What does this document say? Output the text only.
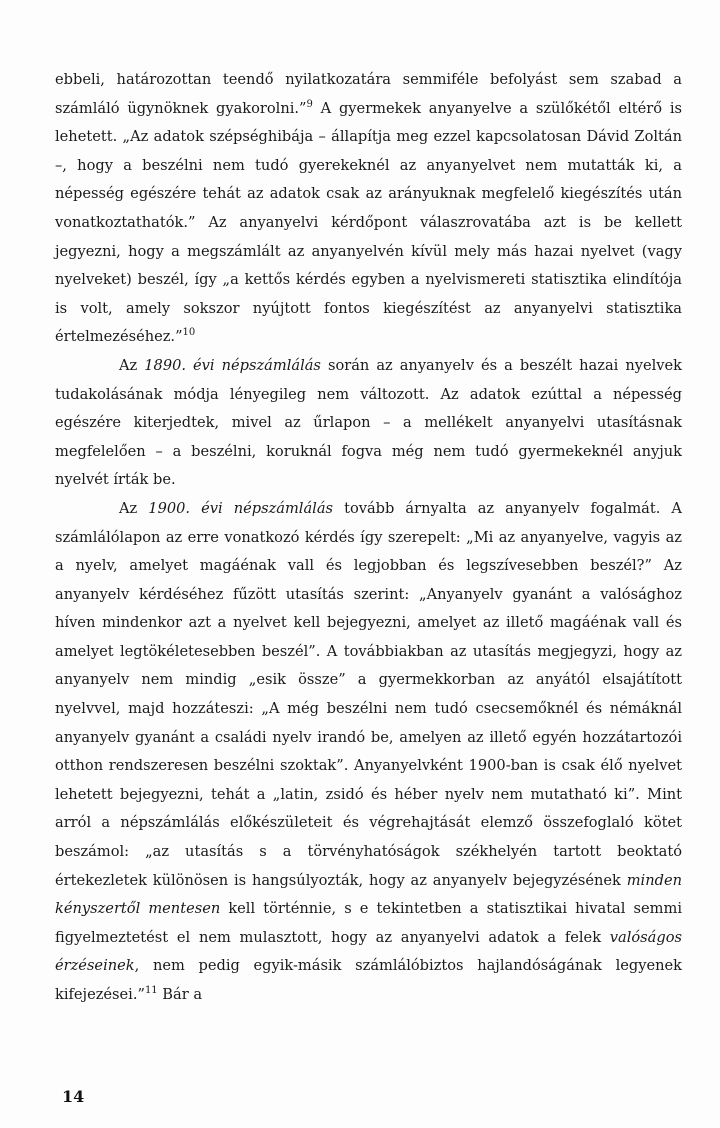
ebbeli, határozottan teendő nyilatkozatára semmiféle befolyást sem szabad a számláló ügynöknek gyakorolni.”$^9$ A gyermekek anyanyelve a szülőkétől eltérő is lehetett. „Az adatok szépséghibája – állapítja meg ezzel kapcsolatosan Dávid Zoltán –, hogy a beszélni nem tudó gyerekeknél az anyanyelvet nem mutatták ki, a népesség egészére tehát az adatok csak az arányuknak megfelelő kiegészítés után vonatkoztathatók.” Az anyanyelvi kérdőpont válaszrovatába azt is be kellett jegyezni, hogy a megszámlált az anyanyelvén kívül mely más hazai nyelvet (vagy nyelveket) beszél, így „a kettős kérdés egyben a nyelvismereti statisztika elindítója is volt, amely sokszor nyújtott fontos kiegészítést az anyanyelvi statisztika értelmezéséhez.”$^{10}$

Az 1890. évi népszámlálás során az anyanyelv és a beszélt hazai nyelvek tudakolásának módja lényegileg nem változott. Az adatok ezúttal a népesség egészére kiterjedtek, mivel az űrlapon – a mellékelt anyanyelvi utasításnak megfelelően – a beszélni, koruknál fogva még nem tudó gyermekeknél anyjuk nyelvét írták be.

Az 1900. évi népszámlálás tovább árnyalta az anyanyelv fogalmát. A számlálólapon az erre vonatkozó kérdés így szerepelt: „Mi az anyanyelve, vagyis az a nyelv, amelyet magáénak vall és legjobban és legszívesebben beszél?” Az anyanyelv kérdéséhez fűzött utasítás szerint: „Anyanyelv gyanánt a valósághoz híven mindenkor azt a nyelvet kell bejegyezni, amelyet az illető magáénak vall és amelyet legtökéletesebben beszél”. A továbbiakban az utasítás megjegyzi, hogy az anyanyelv nem mindig „esik össze” a gyermekkorban az anyától elsajátított nyelvvel, majd hozzáteszi: „A még beszélni nem tudó csecsemőknél és némáknál anyanyelv gyanánt a családi nyelv irandó be, amelyen az illető egyén hozzátartozói otthon rendszeresen beszélni szoktak”. Anyanyelvként 1900-ban is csak élő nyelvet lehetett bejegyezni, tehát a „latin, zsidó és héber nyelv nem mutatható ki”. Mint arról a népszámlálás előkészületeit és végrehajtását elemző összefoglaló kötet beszámol: „az utasítás s a törvényhatóságok székhelyén tartott beoktató értekezletek különösen is hangsúlyozták, hogy az anyanyelv bejegyzésének minden kényszertől mentesen kell történnie, s e tekintetben a statisztikai hivatal semmi figyelmeztetést el nem mulasztott, hogy az anyanyelvi adatok a felek valóságos érzéseinek, nem pedig egyik-másik számlálóbiztos hajlandóságának legyenek kifejezései.”$^{11}$ Bár a

14
